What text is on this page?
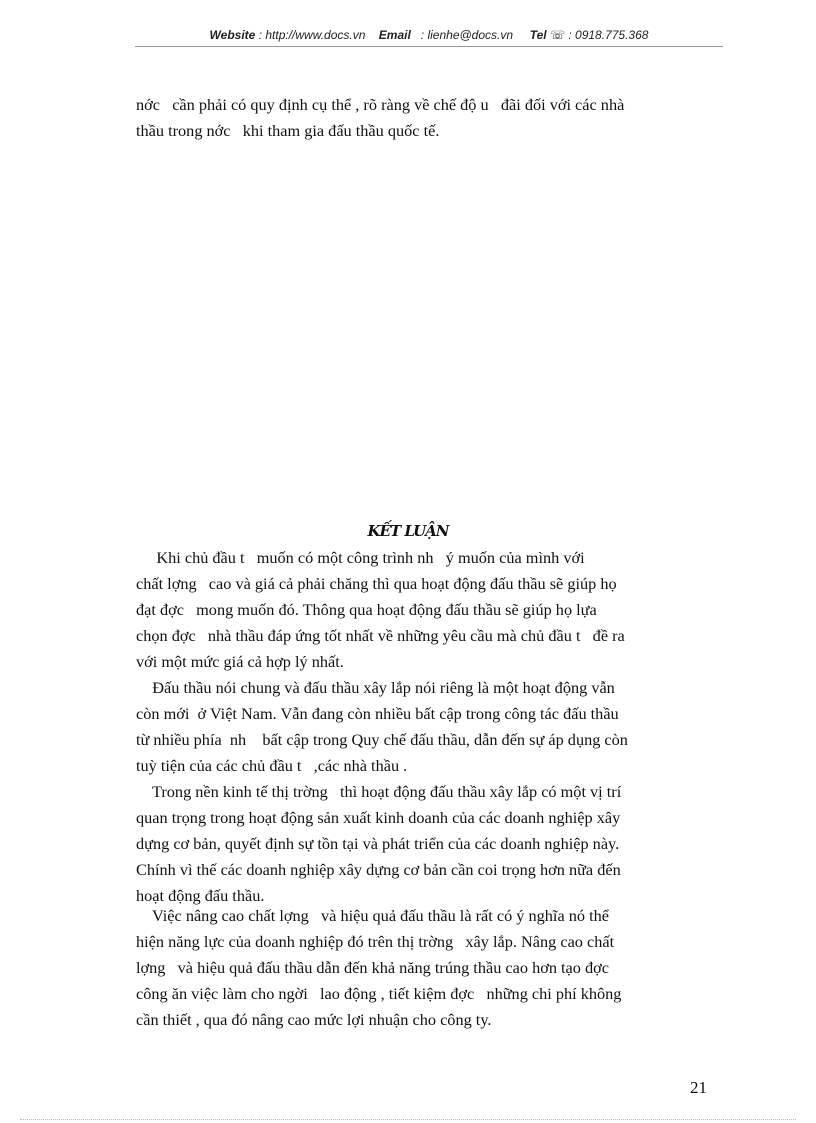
Website : http://www.docs.vn Email   : lienhe@docs.vn Tel ☏ : 0918.775.368

nớc   cần phải có quy định cụ thể , rõ ràng về chế độ u   đãi đối với các nhà
thầu trong nớc   khi tham gia đấu thầu quốc tế.

KẾT LUẬN

Khi chủ đầu t   muốn có một công trình nh   ý muốn của mình với
chất lợng   cao và giá cả phải chăng thì qua hoạt động đấu thầu sẽ giúp họ
đạt đợc   mong muốn đó. Thông qua hoạt động đấu thầu sẽ giúp họ lựa
chọn đợc   nhà thầu đáp ứng tốt nhất về những yêu cầu mà chủ đầu t   đề ra
với một mức giá cả hợp lý nhất.

Đấu thầu nói chung và đấu thầu xây lắp nói riêng là một hoạt động vẫn
còn mới  ở Việt Nam. Vẫn đang còn nhiều bất cập trong công tác đấu thầu
từ nhiều phía  nh    bất cập trong Quy chế đấu thầu, dẫn đến sự áp dụng còn
tuỳ tiện của các chủ đầu t   ,các nhà thầu .

Trong nền kinh tế thị trờng   thì hoạt động đấu thầu xây lắp có một vị trí
quan trọng trong hoạt động sản xuất kinh doanh của các doanh nghiệp xây
dựng cơ bản, quyết định sự tồn tại và phát triển của các doanh nghiệp này.
Chính vì thế các doanh nghiệp xây dựng cơ bản cần coi trọng hơn nữa đến
hoạt động đấu thầu.

Việc nâng cao chất lợng   và hiệu quả đấu thầu là rất có ý nghĩa nó thể
hiện năng lực của doanh nghiệp đó trên thị trờng   xây lắp. Nâng cao chất
lợng   và hiệu quả đấu thầu dẫn đến khả năng trúng thầu cao hơn tạo đợc
công ăn việc làm cho ngời   lao động , tiết kiệm đợc   những chi phí không
cần thiết , qua đó nâng cao mức lợi nhuận cho công ty.

21
